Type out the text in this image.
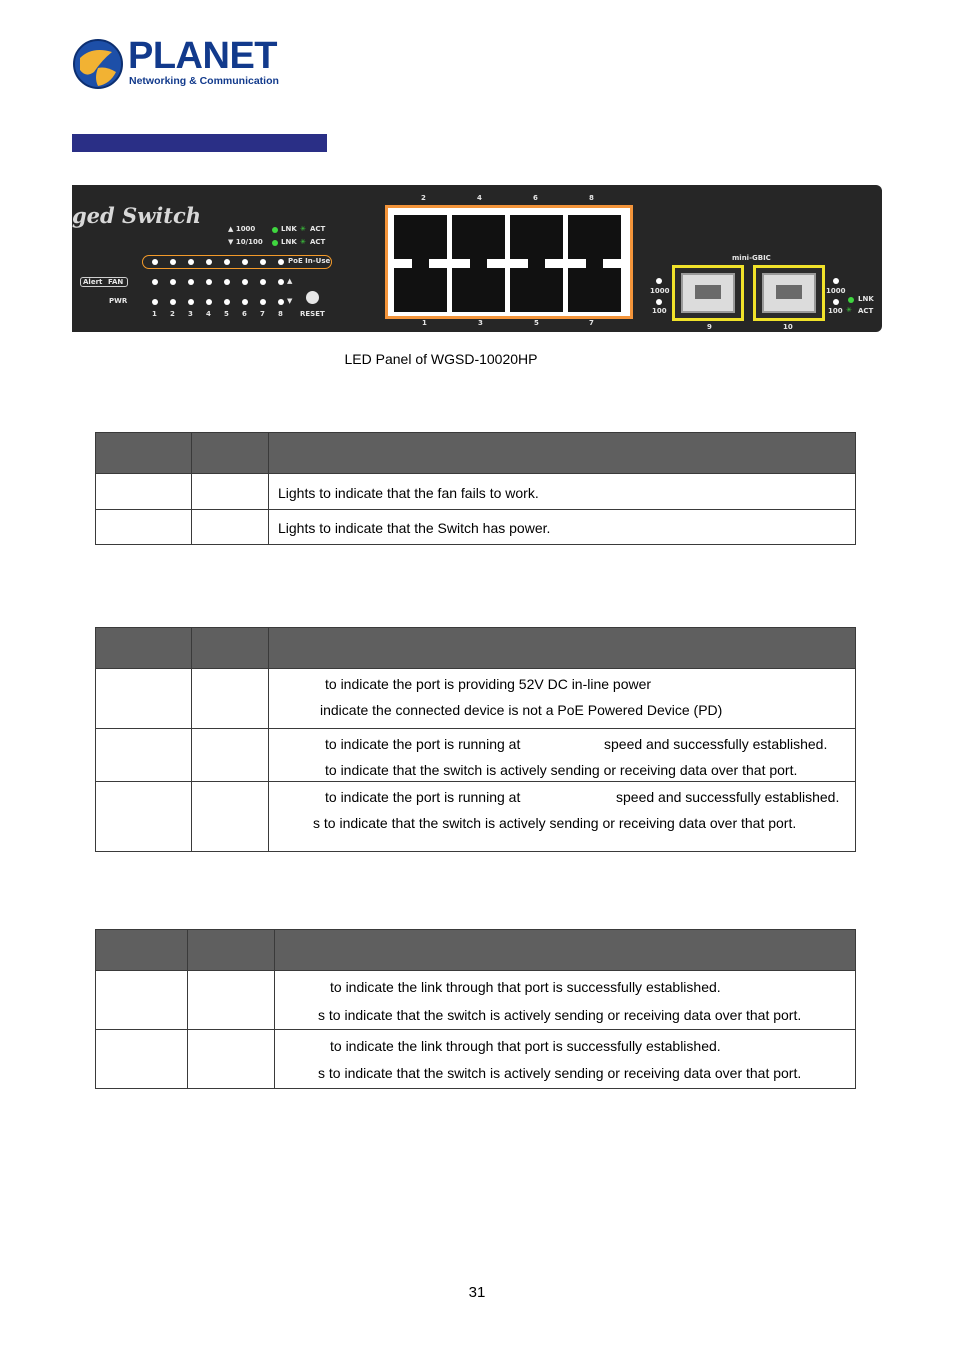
PLANET
Networking & Communication
ged Switch
▲ 1000
▼ 10/100
LNK ✳ ACT
LNK ✳ ACT
PoE In-Use
Alert FAN	▲
PWR	▼
1 2 3 4 5 6 7 8 RESET
2	4	6	8
1	3	5	7
mini-GBIC
1000
100
9	10
1000
100
LNK
✳ ACT
LED Panel of WGSD-10020HP

		Lights to indicate that the fan fails to work.
		Lights to indicate that the Switch has power.

		to indicate the port is providing 52V DC in-line power
indicate the connected device is not a PoE Powered Device (PD)

		to indicate the port is running at speed and successfully established.
to indicate that the switch is actively sending or receiving data over that port.

		to indicate the port is running at speed and successfully established.
s to indicate that the switch is actively sending or receiving data over that port.

		to indicate the link through that port is successfully established.
s to indicate that the switch is actively sending or receiving data over that port.

		to indicate the link through that port is successfully established.
s to indicate that the switch is actively sending or receiving data over that port.
31
